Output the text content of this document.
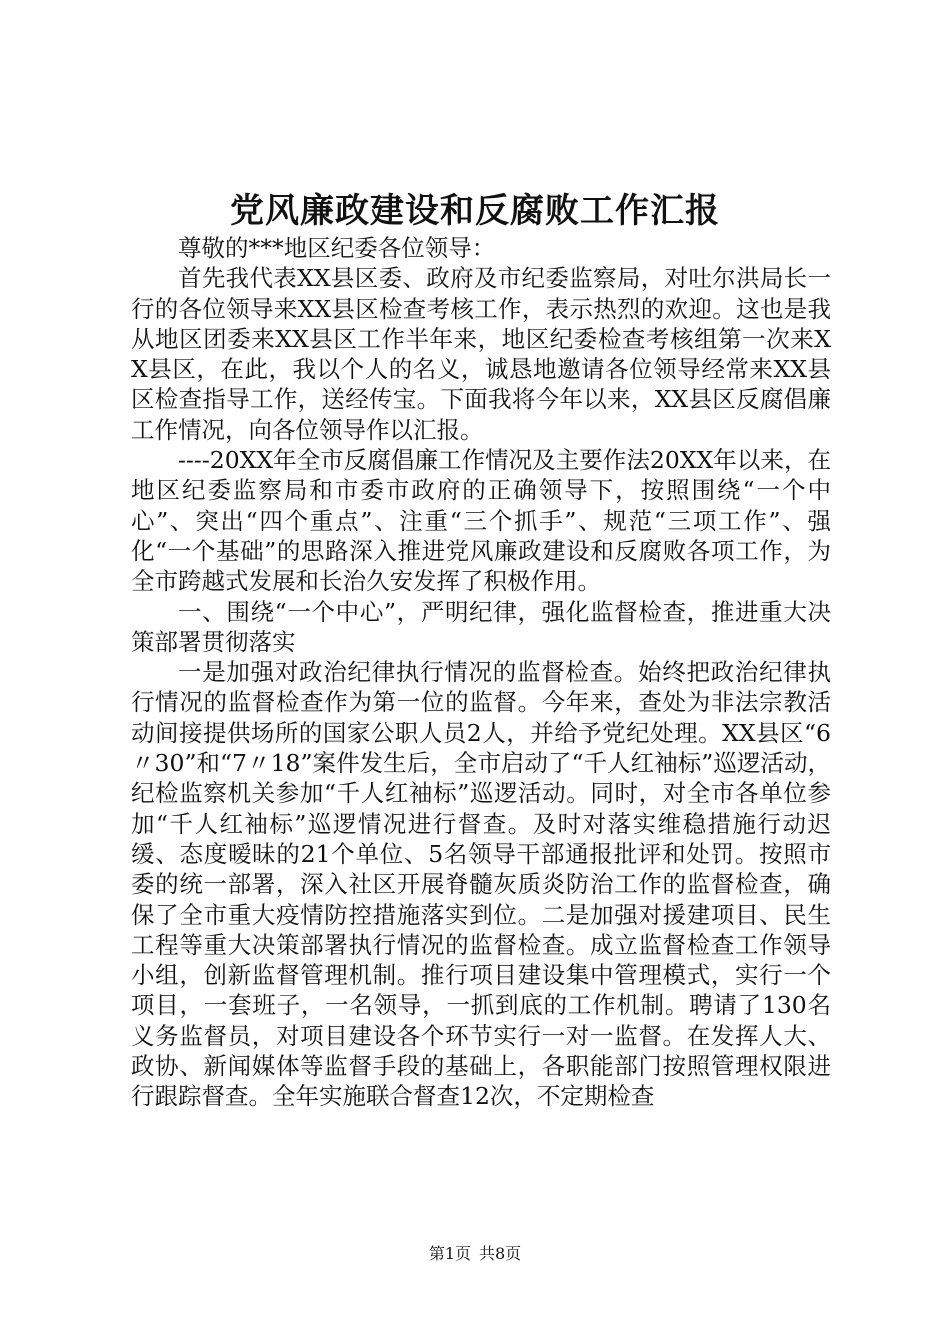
党风廉政建设和反腐败工作汇报

尊敬的***地区纪委各位领导：

首先我代表XX县区委、政府及市纪委监察局，对吐尔洪局长一行的各位领导来XX县区检查考核工作，表示热烈的欢迎。这也是我从地区团委来XX县区工作半年来，地区纪委检查考核组第一次来XX县区，在此，我以个人的名义，诚恳地邀请各位领导经常来XX县区检查指导工作，送经传宝。下面我将今年以来，XX县区反腐倡廉工作情况，向各位领导作以汇报。

----20XX年全市反腐倡廉工作情况及主要作法20XX年以来，在地区纪委监察局和市委市政府的正确领导下，按照围绕“一个中心”、突出“四个重点”、注重“三个抓手”、规范“三项工作”、强化“一个基础”的思路深入推进党风廉政建设和反腐败各项工作，为全市跨越式发展和长治久安发挥了积极作用。

一、围绕“一个中心”，严明纪律，强化监督检查，推进重大决策部署贯彻落实

一是加强对政治纪律执行情况的监督检查。始终把政治纪律执行情况的监督检查作为第一位的监督。今年来，查处为非法宗教活动间接提供场所的国家公职人员2人，并给予党纪处理。XX县区“6〃30”和“7〃18”案件发生后，全市启动了“千人红袖标”巡逻活动，纪检监察机关参加“千人红袖标”巡逻活动。同时，对全市各单位参加“千人红袖标”巡逻情况进行督查。及时对落实维稳措施行动迟缓、态度暧昧的21个单位、5名领导干部通报批评和处罚。按照市委的统一部署，深入社区开展脊髓灰质炎防治工作的监督检查，确保了全市重大疫情防控措施落实到位。二是加强对援建项目、民生工程等重大决策部署执行情况的监督检查。成立监督检查工作领导小组，创新监督管理机制。推行项目建设集中管理模式，实行一个项目，一套班子，一名领导，一抓到底的工作机制。聘请了130名义务监督员，对项目建设各个环节实行一对一监督。在发挥人大、政协、新闻媒体等监督手段的基础上，各职能部门按照管理权限进行跟踪督查。全年实施联合督查12次，不定期检查

第1页 共8页
